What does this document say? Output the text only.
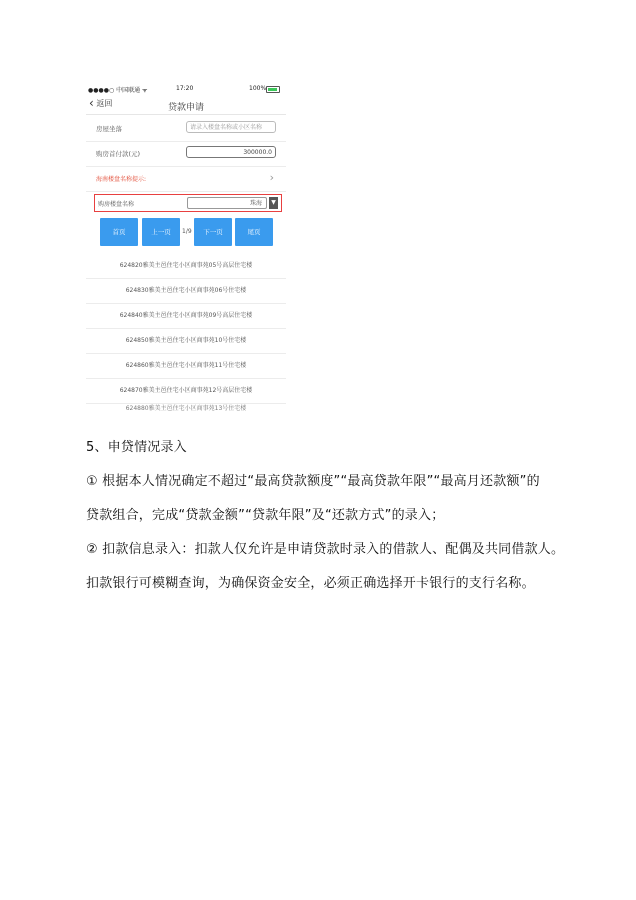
●●●●○ 中国联通 ᯤ	17:20	100%
‹ 返回	贷款申请
房屋坐落	请录入楼盘名称或小区名称
购房首付款(元)	300000.0
海南楼盘名称提示:	›
购房楼盘名称	珠海	▼
首页	上一页	1/9	下一页	尾页
624820雅美主邑住宅小区商事苑05号高层住宅楼
624830雅美主邑住宅小区商事苑06号住宅楼
624840雅美主邑住宅小区商事苑09号高层住宅楼
624850雅美主邑住宅小区商事苑10号住宅楼
624860雅美主邑住宅小区商事苑11号住宅楼
624870雅美主邑住宅小区商事苑12号高层住宅楼
624880雅美主邑住宅小区商事苑13号住宅楼
5、申贷情况录入
① 根据本人情况确定不超过“最高贷款额度”“最高贷款年限”“最高月还款额”的
贷款组合，完成“贷款金额”“贷款年限”及“还款方式”的录入；
② 扣款信息录入：扣款人仅允许是申请贷款时录入的借款人、配偶及共同借款人。
扣款银行可模糊查询，为确保资金安全，必须正确选择开卡银行的支行名称。
